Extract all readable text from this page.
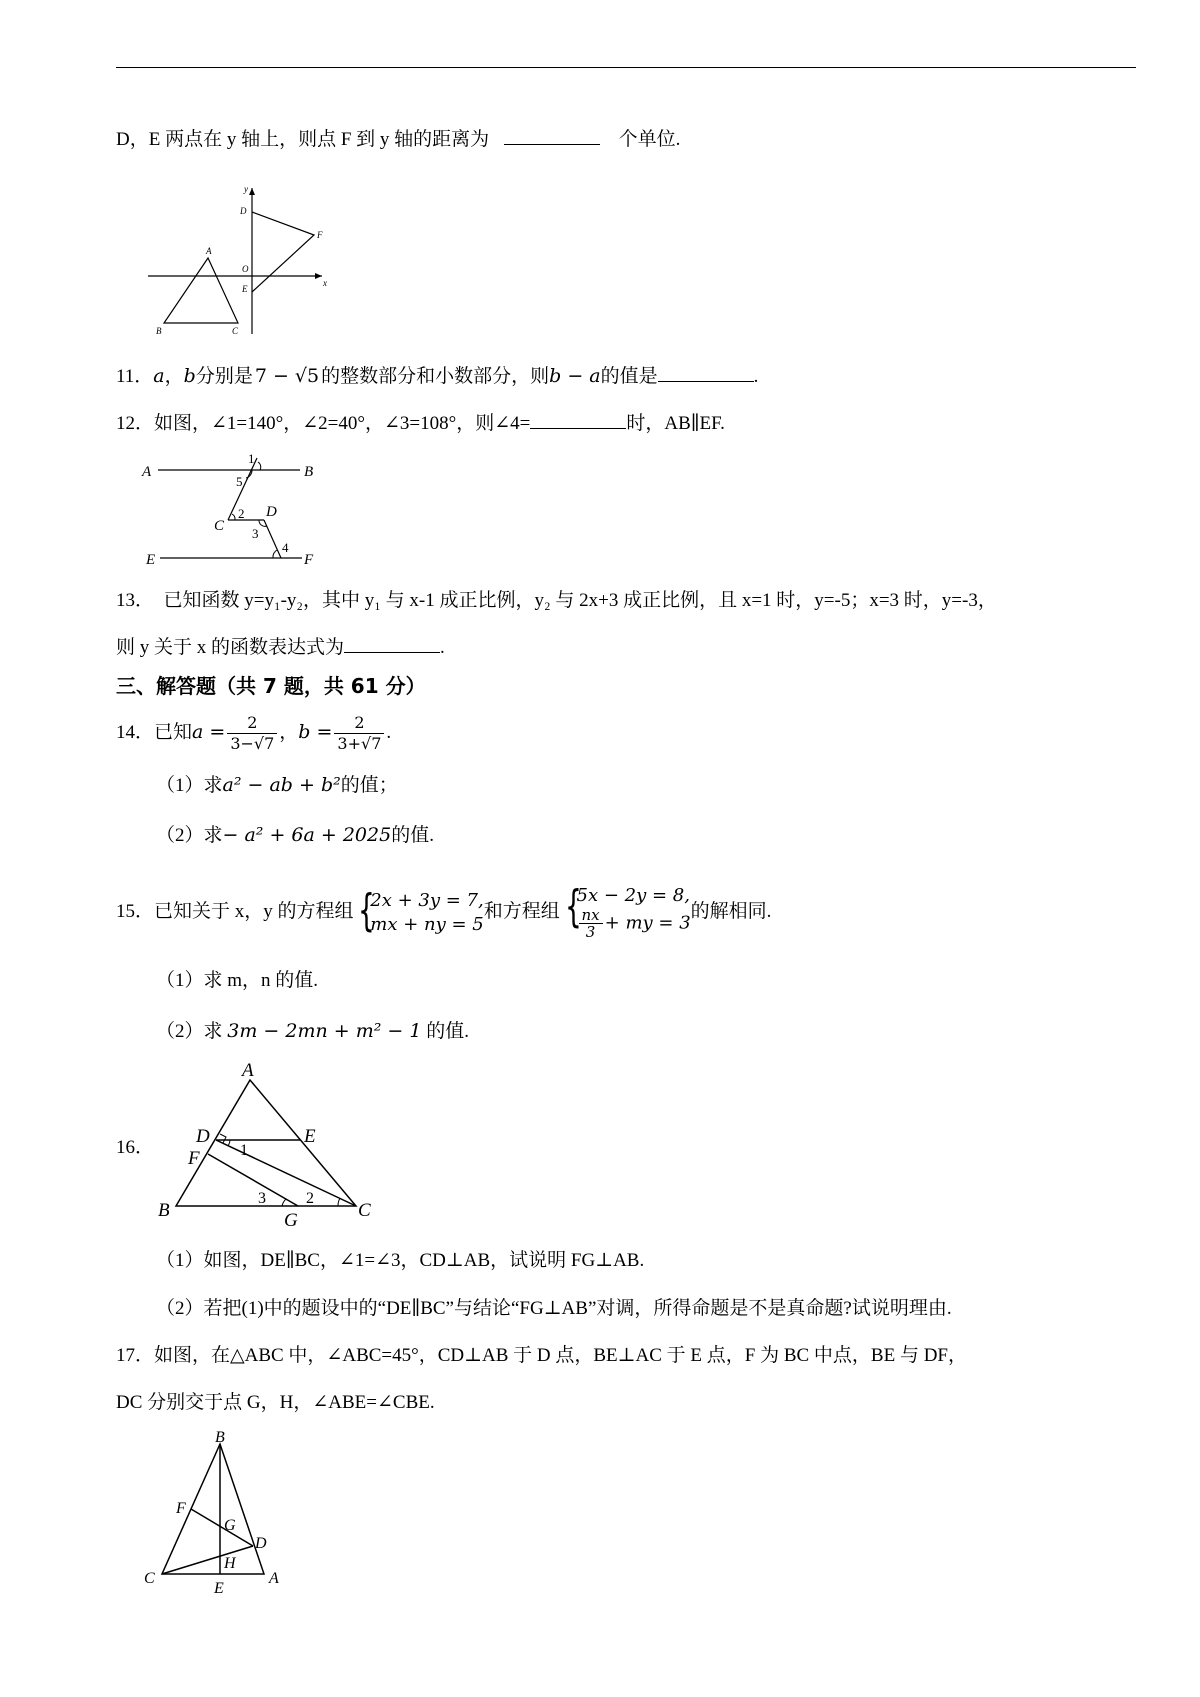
D，E 两点在 y 轴上，则点 F 到 y 轴的距离为	个单位.
y
x
D
F
A
O
E
B	C
11．a，b分别是 7 − √5 的整数部分和小数部分，则b − a的值是	.
12．如图，∠1=140°，∠2=40°，∠3=108°，则∠4=	时，AB∥EF.
A	B
1
5
2
C
D
3
4
E	F
13．　已知函数 y=y₁-y₂，其中 y₁ 与 x-1 成正比例，y₂ 与 2x+3 成正比例，且 x=1 时，y=-5；x=3 时，y=-3，
则 y 关于 x 的函数表达式为	.
三、解答题（共 7 题，共 61 分）
14．已知$a = \frac{2}{3-√7}$ ，$b = \frac{2}{3+√7}$ .
（1）求a² − ab + b²的值；
（2）求− a² + 6a + 2025的值.
15．已知关于 x，y 的方程组 {
2x + 3y = 7,
mx + ny = 5
和方程组 {
5x − 2y = 8,
$\frac{nx}{3}$ + my = 3
的解相同.
（1）求 m，n 的值.
（2）求 3m − 2mn + m² − 1 的值.
16．
A
D	E
1
F
B
3	2
C
G
（1）如图，DE∥BC，∠1=∠3，CD⊥AB，试说明 FG⊥AB.
（2）若把(1)中的题设中的“DE∥BC”与结论“FG⊥AB”对调，所得命题是不是真命题?试说明理由.
17．如图，在△ABC 中，∠ABC=45°，CD⊥AB 于 D 点，BE⊥AC 于 E 点，F 为 BC 中点，BE 与 DF，
DC 分别交于点 G，H，∠ABE=∠CBE.
B
F
G
D
C
H
A
E
